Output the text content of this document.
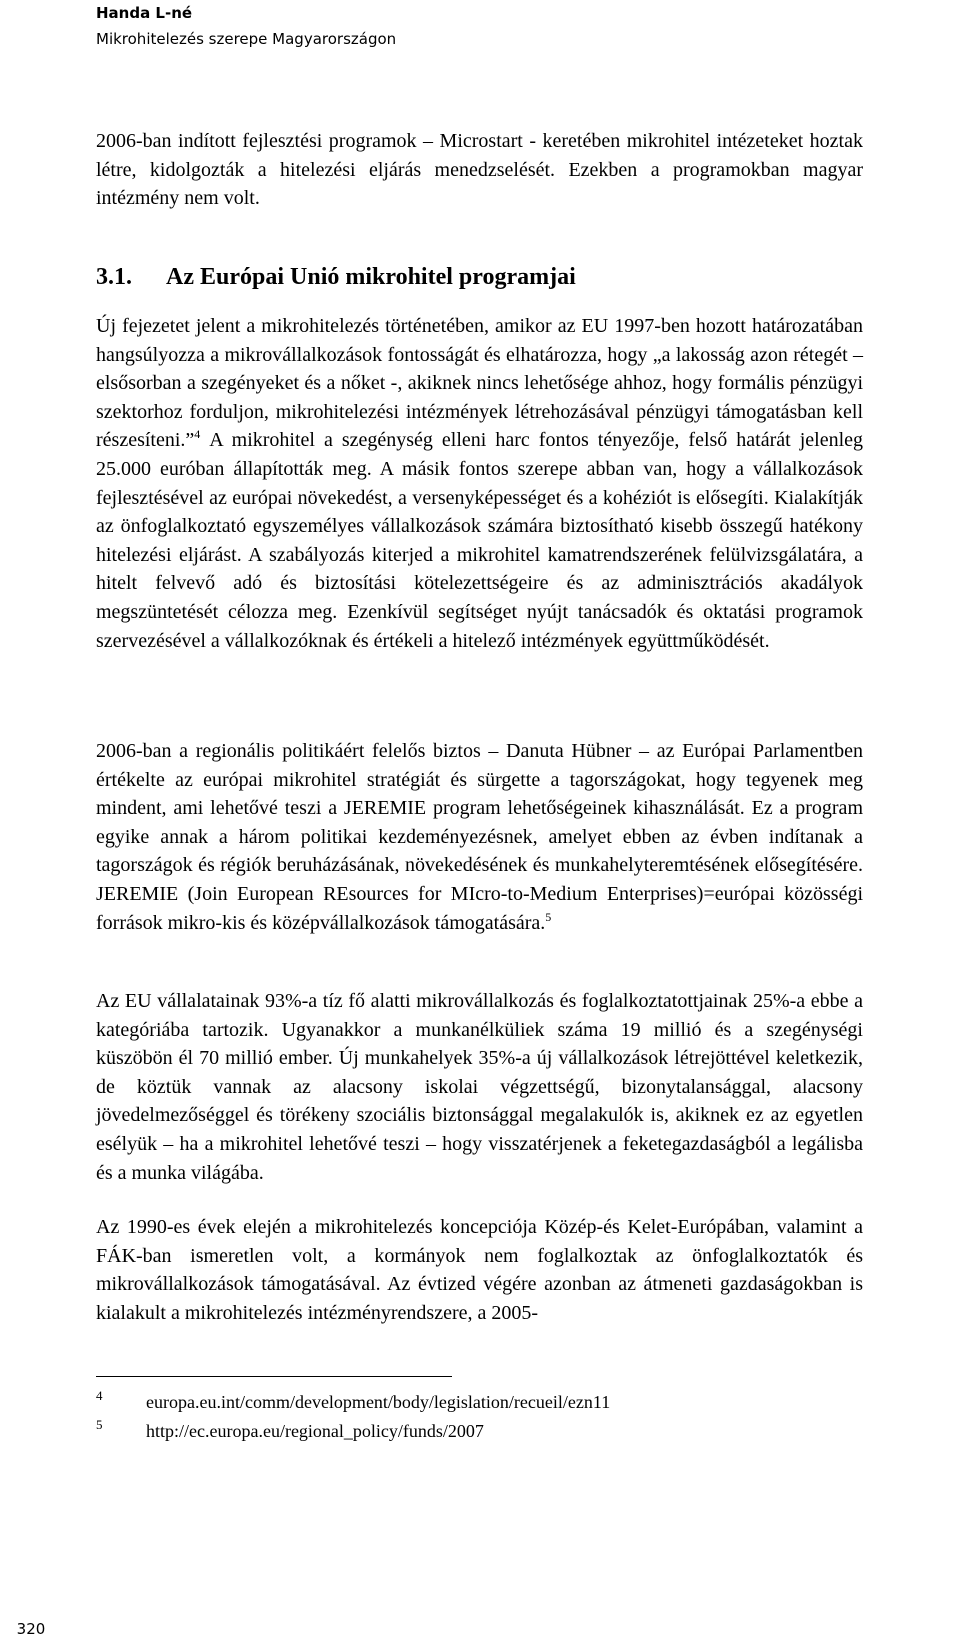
Handa L-né
Mikrohitelezés szerepe Magyarországon

2006-ban indított fejlesztési programok – Microstart - keretében mikrohitel intézeteket hoztak létre, kidolgozták a hitelezési eljárás menedzselését. Ezekben a programokban magyar intézmény nem volt.

3.1. Az Európai Unió mikrohitel programjai

Új fejezetet jelent a mikrohitelezés történetében, amikor az EU 1997-ben hozott határozatában hangsúlyozza a mikrovállalkozások fontosságát és elhatározza, hogy „a lakosság azon rétegét – elsősorban a szegényeket és a nőket -, akiknek nincs lehetősége ahhoz, hogy formális pénzügyi szektorhoz forduljon, mikrohitelezési intézmények létrehozásával pénzügyi támogatásban kell részesíteni.”$^4$ A mikrohitel a szegénység elleni harc fontos tényezője, felső határát jelenleg 25.000 euróban állapították meg. A másik fontos szerepe abban van, hogy a vállalkozások fejlesztésével az európai növekedést, a versenyképességet és a kohéziót is elősegíti. Kialakítják az önfoglalkoztató egyszemélyes vállalkozások számára biztosítható kisebb összegű hatékony hitelezési eljárást. A szabályozás kiterjed a mikrohitel kamatrendszerének felülvizsgálatára, a hitelt felvevő adó és biztosítási kötelezettségeire és az adminisztrációs akadályok megszüntetését célozza meg. Ezenkívül segítséget nyújt tanácsadók és oktatási programok szervezésével a vállalkozóknak és értékeli a hitelező intézmények együttműködését.

2006-ban a regionális politikáért felelős biztos – Danuta Hübner – az Európai Parlamentben értékelte az európai mikrohitel stratégiát és sürgette a tagországokat, hogy tegyenek meg mindent, ami lehetővé teszi a JEREMIE program lehetőségeinek kihasználását. Ez a program egyike annak a három politikai kezdeményezésnek, amelyet ebben az évben indítanak a tagországok és régiók beruházásának, növekedésének és munkahelyteremtésének elősegítésére. JEREMIE (Join European REsources for MIcro-to-Medium Enterprises)=európai közösségi források mikro-kis és középvállalkozások támogatására.$^5$

Az EU vállalatainak 93%-a tíz fő alatti mikrovállalkozás és foglalkoztatottjainak 25%-a ebbe a kategóriába tartozik. Ugyanakkor a munkanélküliek száma 19 millió és a szegénységi küszöbön él 70 millió ember. Új munkahelyek 35%-a új vállalkozások létrejöttével keletkezik, de köztük vannak az alacsony iskolai végzettségű, bizonytalansággal, alacsony jövedelmezőséggel és törékeny szociális biztonsággal megalakulók is, akiknek ez az egyetlen esélyük – ha a mikrohitel lehetővé teszi – hogy visszatérjenek a feketegazdaságból a legálisba és a munka világába.

Az 1990-es évek elején a mikrohitelezés koncepciója Közép-és Kelet-Európában, valamint a FÁK-ban ismeretlen volt, a kormányok nem foglalkoztak az önfoglalkoztatók és mikrovállalkozások támogatásával. Az évtized végére azonban az átmeneti gazdaságokban is kialakult a mikrohitelezés intézményrendszere, a 2005-

4 europa.eu.int/comm/development/body/legislation/recueil/ezn11
5 http://ec.europa.eu/regional_policy/funds/2007
320
